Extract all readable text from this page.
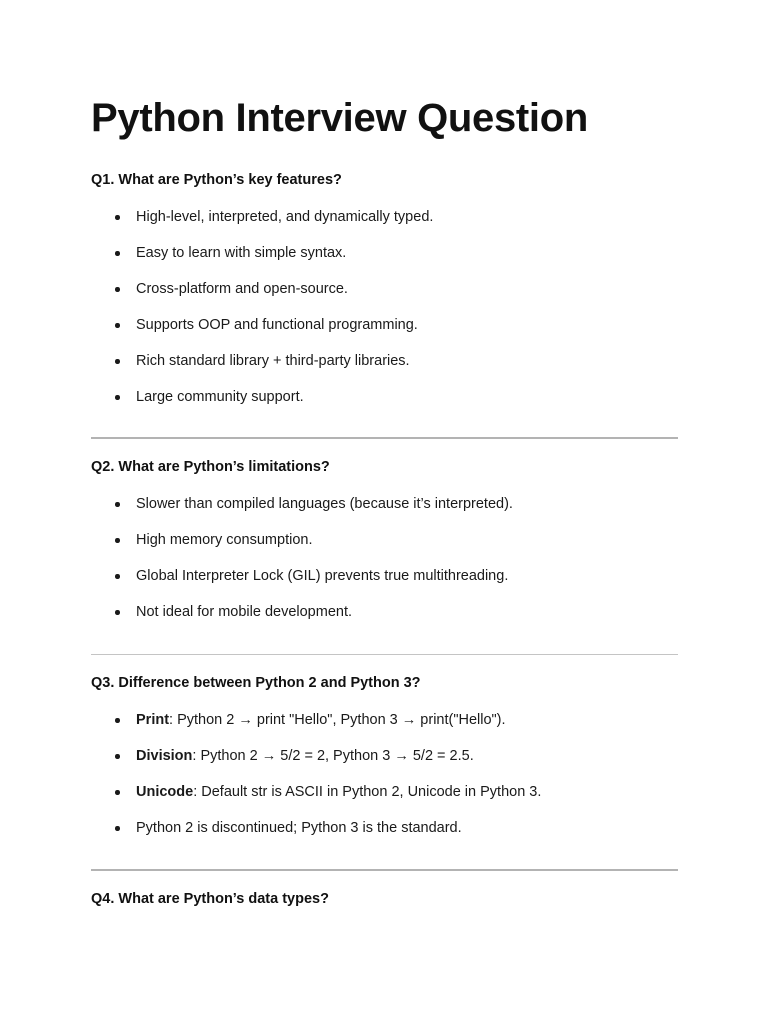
Python Interview Question

Q1. What are Python’s key features?

High-level, interpreted, and dynamically typed.
Easy to learn with simple syntax.
Cross-platform and open-source.
Supports OOP and functional programming.
Rich standard library + third-party libraries.
Large community support.

Q2. What are Python’s limitations?

Slower than compiled languages (because it’s interpreted).
High memory consumption.
Global Interpreter Lock (GIL) prevents true multithreading.
Not ideal for mobile development.

Q3. Difference between Python 2 and Python 3?

Print: Python 2 → print "Hello", Python 3 → print("Hello").
Division: Python 2 → 5/2 = 2, Python 3 → 5/2 = 2.5.
Unicode: Default str is ASCII in Python 2, Unicode in Python 3.
Python 2 is discontinued; Python 3 is the standard.

Q4. What are Python’s data types?
